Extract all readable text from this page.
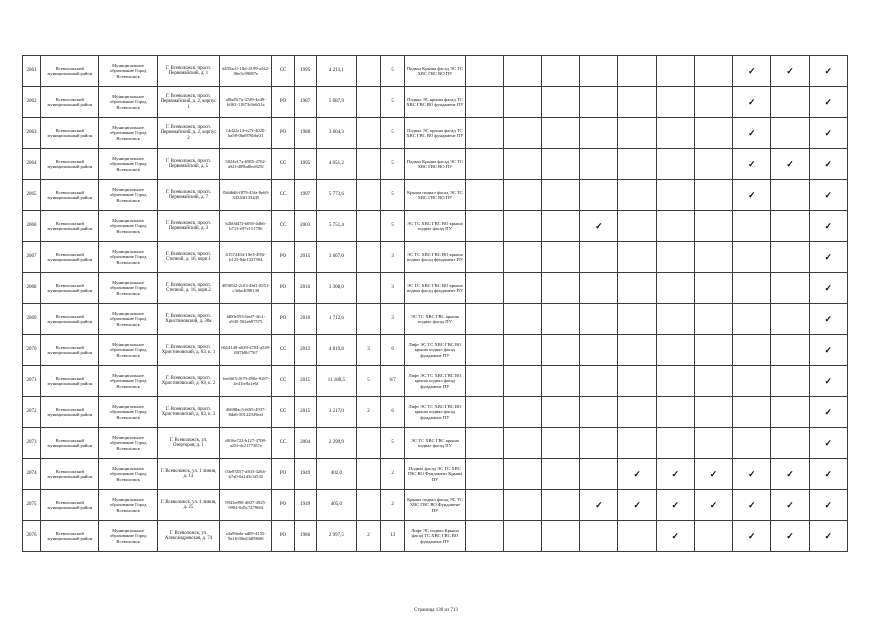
2061	Всеволожский муниципальный район	Муниципальное образование Город Всеволожск	Г. Всеволожск, просп. Первомайский, д. 1	d435ac0-1fbf-4199-a542-06e5c99087e	СС	1995	4 213,1		5	Подвал Крыша фасад ЭС ТС ХВС ГВС ВО ПУ								✓	✓	✓
2062	Всеволожский муниципальный район	Муниципальное образование Город Всеволожск	Г. Всеволожск, просп. Первомайский, д. 2, корпус 1	a0bd5f7a-47d9-4e49-b063-11873c8eb31a	РО	1987	5 687,9		5	Подвал ЭС крыша фасад ТС ХВС ГВС ВО фундамент ПУ								✓		✓
2063	Всеволожский муниципальный район	Муниципальное образование Город Всеволожск	Г. Всеволожск, просп. Первомайский, д. 2, корпус 2	14d22a14-e27f-4020-ba59-0bd976bbe31	РО	1988	3 604,3		5	Подвал ЭС крыша фасад ТС ХВС ГВС ВО фундамент ПУ								✓		✓
2064	Всеволожский муниципальный район	Муниципальное образование Город Всеволожск	Г. Всеволожск, просп. Первомайский, д. 5	5024e17a-6985-4702-a92f-d09bd0ee825f	СС	1995	4 051,2		5	Подвал Крыша фасад ЭС ТС ХВС ГВС ВО ПУ								✓	✓	✓
2065	Всеволожский муниципальный район	Муниципальное образование Город Всеволожск	Г. Всеволожск, просп. Первомайский, д. 7	f5dd6d6-f879-43fa-8e60-34344f133445	СС	1997	5 773,6		5	Крыша подвал фасад ЭС ТС ХВС ГВС ВО ПУ								✓		✓
2066	Всеволожский муниципальный район	Муниципальное образование Город Всеволожск	Г. Всеволожск, просп. Первомайский, д. 3	b2b0d47f-b050-4db6-b713-e97e151796	СС	2003	5 751,4		5	ЭС ТС ХВС ГВС ВО крыша подвал фасад ПУ				✓						✓
2067	Всеволожский муниципальный район	Муниципальное образование Город Всеволожск	Г. Всеволожск, просп. Степной, д. 16, корп.1	61572404-10e3-495f-b123-8de1327584	РО	2015	3 667,0		3	ЭС ТС ХВС ГВС ВО крыша подвал фасад фундамент ПУ										✓
2068	Всеволожский муниципальный район	Муниципальное образование Город Всеволожск	Г. Всеволожск, просп. Степной, д. 16, корп.2	485f832-2c03-4bf1-8351-c3ebe4098139	РО	2016	3 308,0		3	ЭС ТС ХВС ГВС ВО крыша подвал фасад фундамент ПУ										✓
2069	Всеволожский муниципальный район	Муниципальное образование Город Всеволожск	Г. Всеволожск, просп. Христиновский, д. 30к	fd00e593-6ed7-4fc1-a945-502eb97575	РО	2010	1 712,6		3	ЭС ТС ХВС ГВС крыша подвал фасад ПУ										✓
2070	Всеволожский муниципальный район	Муниципальное образование Город Всеволожск	Г. Всеволожск, просп. Христиновский, д. 83, к. 1	0654148-a639-4704-a549-f8f7b0b7767	СС	2013	4 819,8	3	6	Лифт ЭС ТС ХВС ГВС ВО крыша подвал фасад фундамент ПУ										✓
2071	Всеволожский муниципальный район	Муниципальное образование Город Всеволожск	Г. Всеволожск, просп. Христиновский, д. 83, к. 2	1ee60f5-f679-490e-9287-2e41fe8a1e6f	СС	2015	11 180,5	5	6/7	Лифт ЭС ТС ХВС ГВС ВО крыша подвал фасад фундамент ПУ										✓
2072	Всеволожский муниципальный район	Муниципальное образование Город Всеволожск	Г. Всеволожск, просп. Христиновский, д. 83, к. 3	46698ac5-60f5-4937-8da6-50122929eaf	СС	2015	3 217,0	2	6	Лифт ЭС ТС ХВС ГВС ВО крыша подвал фасад фундамент ПУ										✓
2073	Всеволожский муниципальный район	Муниципальное образование Город Всеволожск	Г. Всеволожск, ул. Озерторов, д. 1	d616e722-b127-4708-a25f-dc2177387е	СС	2004	2 299,9		5	ЭС ТС ХВС ГВС крыша подвал фасад ПУ										✓
2074	Всеволожский муниципальный район	Муниципальное образование Город Всеволожск	Г. Всеволожск, ул. 1 линия, д. 13	03e93557-a503-4264-b7a0-0a1d3c3f532	РО	1949	402,0		2	Подвал фасад ЭС ТС ХВС ГВС ВО Фундамент Крыша ПУ					✓	✓	✓	✓	✓	✓
2075	Всеволожский муниципальный район	Муниципальное образование Город Всеволожск	Г. Всеволожск, ул. 1 линия, д. 25	9943e090-4607-4925-9984-0d5c747966f	РО	1949	405,0		2	Крыша подвал фасад ЭС ТС ХВС ГВС ВО Фундамент ПУ				✓	✓	✓	✓	✓	✓	✓
2076	Всеволожский муниципальный район	Муниципальное образование Город Всеволожск	Г. Всеволожск, ул. Александровская, д. 74	a3a99ada-ad09-4155-9a16-00ed3d09608	РО	1986	2 997,5	2	13	Лифт ЭС подвал Крыша фасад ТС ХВС ГВС ВО фундамент ПУ						✓		✓	✓	✓
Страница 130 из 713
